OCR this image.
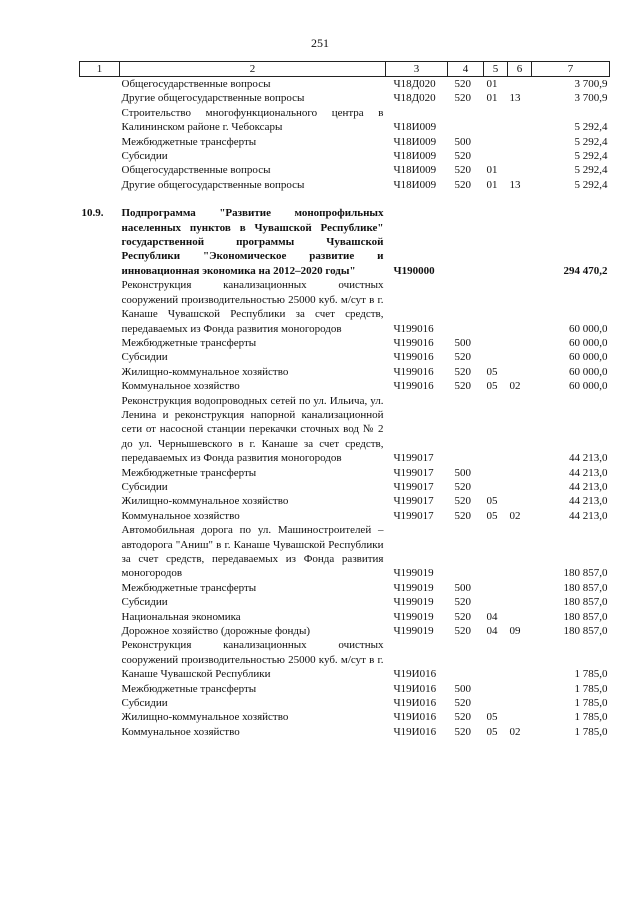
251
1	2	3	4	5	6	7
	Общегосударственные вопросы	Ч18Д020	520	01		3 700,9
	Другие общегосударственные вопросы	Ч18Д020	520	01	13	3 700,9
	Строительство многофункционального центра в Калининском районе г. Чебоксары	Ч18И009				5 292,4
	Межбюджетные трансферты	Ч18И009	500			5 292,4
	Субсидии	Ч18И009	520			5 292,4
	Общегосударственные вопросы	Ч18И009	520	01		5 292,4
	Другие общегосударственные вопросы	Ч18И009	520	01	13	5 292,4

10.9.	Подпрограмма "Развитие монопрофильных населенных пунктов в Чувашской Республике" государственной программы Чувашской Республики "Экономическое развитие и инновационная экономика на 2012–2020 годы"	Ч190000				294 470,2
	Реконструкция канализационных очистных сооружений производительностью 25000 куб. м/сут в г. Канаше Чувашской Республики за счет средств, передаваемых из Фонда развития моногородов	Ч199016				60 000,0
	Межбюджетные трансферты	Ч199016	500			60 000,0
	Субсидии	Ч199016	520			60 000,0
	Жилищно-коммунальное хозяйство	Ч199016	520	05		60 000,0
	Коммунальное хозяйство	Ч199016	520	05	02	60 000,0
	Реконструкция водопроводных сетей по ул. Ильича, ул. Ленина и реконструкция напорной канализационной сети от насосной станции перекачки сточных вод № 2 до ул. Чернышевского в г. Канаше за счет средств, передаваемых из Фонда развития моногородов	Ч199017				44 213,0
	Межбюджетные трансферты	Ч199017	500			44 213,0
	Субсидии	Ч199017	520			44 213,0
	Жилищно-коммунальное хозяйство	Ч199017	520	05		44 213,0
	Коммунальное хозяйство	Ч199017	520	05	02	44 213,0
	Автомобильная дорога по ул. Машиностроителей – автодорога "Аниш" в г. Канаше Чувашской Республики за счет средств, передаваемых из Фонда развития моногородов	Ч199019				180 857,0
	Межбюджетные трансферты	Ч199019	500			180 857,0
	Субсидии	Ч199019	520			180 857,0
	Национальная экономика	Ч199019	520	04		180 857,0
	Дорожное хозяйство (дорожные фонды)	Ч199019	520	04	09	180 857,0
	Реконструкция канализационных очистных сооружений производительностью 25000 куб. м/сут в г. Канаше Чувашской Республики	Ч19И016				1 785,0
	Межбюджетные трансферты	Ч19И016	500			1 785,0
	Субсидии	Ч19И016	520			1 785,0
	Жилищно-коммунальное хозяйство	Ч19И016	520	05		1 785,0
	Коммунальное хозяйство	Ч19И016	520	05	02	1 785,0
